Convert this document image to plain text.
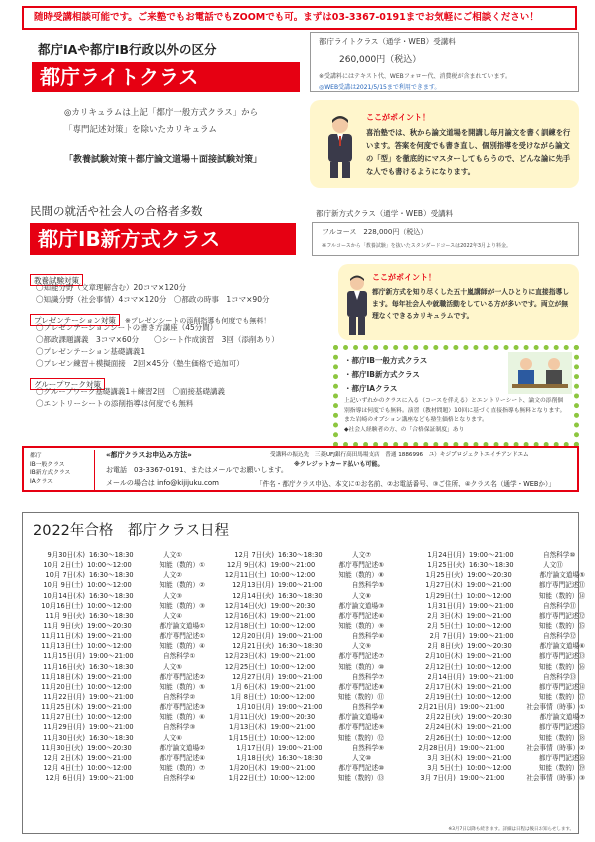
随時受講相談可能です。ご来塾でもお電話でもZOOMでも可。まずは03-3367-0191までお気軽にご相談ください！
都庁ⅠAや都庁ⅠB行政以外の区分
都庁ライトクラス
都庁ライトクラス（通学・WEB）受講料
260,000円（税込）
※受講料にはテキスト代、WEBフォロー代、消費税が含まれています。
◎WEB受講は2021/5/15まで利用できます。
◎カリキュラムは上記「都庁一般方式クラス」から
「専門記述対策」を除いたカリキュラム
「教養試験対策＋都庁論文道場＋面接試験対策」
ここがポイント！
喜治塾では、秋から論文道場を開講し毎月論文を書く訓練を行います。答案を何度でも書き直し、個別指導を受けながら論文の「型」を徹底的にマスターしてもらうので、どんな論に先手な人でも書けるようになります。
民間の就活や社会人の合格者多数
都庁ⅠB新方式クラス
都庁新方式クラス（通学・WEB）受講料
フルコース　228,000円（税込）
※フルコースから「教養試験」を抜いたスタンダードコースは2022年3月より料金。
教養試験対策
〇知能分野（文章理解含む）20コマ×120分
〇知識分野（社会事情）4コマ×120分　〇都政の時事　1コマ×90分
プレゼンテーション対策 ※プレゼンシートの添削指導も何度でも無料！
〇プレゼンテーションシートの書き方講座（45分間）
〇都政課題講義　3コマ×60分　　〇シート作成演習　3回（添削あり）
〇プレゼンテーション基礎講義1
〇プレゼン練習＋模擬面接　2回×45分（塾生価格で追加可）
グループワーク対策
〇グループワーク基礎講義1＋練習2回　〇面接基礎講義
〇エントリーシートの添削指導は何度でも無料
ここがポイント！
都庁新方式を知り尽くした五十嵐講師が一人ひとりに直接指導します。毎年社会人や就職活動をしている方が多いです。両立が無理なくできるカリキュラムです。
・都庁ⅠB一般方式クラス
・都庁ⅠB新方式クラス
・都庁ⅠAクラス
上記いずれかのクラスに入る（コースを伴える）とエントリーシート、論文の添削個
別指導は何度でも無料。演習（教材問題）10回に基づく直接指導も無料となります。
また岩崎のオプション講座なども塾生価格となります。
◆社会人経験者の方、の「合格保証制度」あり
都庁
ⅠB一般クラス
ⅠB新方式クラス
ⅠAクラス
«都庁クラスお申込み方法»	受講料の振込先　三菱UFJ銀行高田馬場支店　普通 1886996　ユ）キジプロジェクトエイチアンドエム
※クレジットカード払いも可能。
お電話　03-3367-0191、またはメールでお願いします。
メールの場合は info@kijijuku.com	「件名・都庁クラス申込、本文に①お名前、②お電話番号、③ご住所、④クラス名（通学・WEBか）」
2022年合格　都庁クラス日程
9月30日(木) 16:30～18:30	人文①
10月 2日(土) 10:00～12:00	知能（数的）①
10月 7日(木) 16:30～18:30	人文②
10月 9日(土) 10:00～12:00	知能（数的）②
10月14日(木) 16:30～18:30	人文③
10月16日(土) 10:00～12:00	知能（数的）③
11月 9日(火) 16:30～18:30	人文④
11月 9日(火) 19:00～20:30	都庁論文道場①
11月11日(木) 19:00～21:00	都庁専門記述①
11月13日(土) 10:00～12:00	知能（数的）④
11月15日(月) 19:00～21:00	自然科学①
11月16日(火) 16:30～18:30	人文⑤
11月18日(木) 19:00～21:00	都庁専門記述②
11月20日(土) 10:00～12:00	知能（数的）⑤
11月22日(月) 19:00～21:00	自然科学②
11月25日(木) 19:00～21:00	都庁専門記述③
11月27日(土) 10:00～12:00	知能（数的）⑥
11月29日(月) 19:00～21:00	自然科学③
11月30日(火) 16:30～18:30	人文⑥
11月30日(火) 19:00～20:30	都庁論文道場②
12月 2日(木) 19:00～21:00	都庁専門記述④
12月 4日(土) 10:00～12:00	知能（数的）⑦
12月 6日(月) 19:00～21:00	自然科学④
12月 7日(火) 16:30～18:30	人文⑦
12月 9日(木) 19:00～21:00	都庁専門記述⑤
12月11日(土) 10:00～12:00	知能（数的）⑧
12月13日(月) 19:00～21:00	自然科学⑤
12月14日(火) 16:30～18:30	人文⑧
12月14日(火) 19:00～20:30	都庁論文道場③
12月16日(木) 19:00～21:00	都庁専門記述⑥
12月18日(土) 10:00～12:00	知能（数的）⑨
12月20日(月) 19:00～21:00	自然科学⑥
12月21日(火) 16:30～18:30	人文⑨
12月23日(木) 19:00～21:00	都庁専門記述⑦
12月25日(土) 10:00～12:00	知能（数的）⑩
12月27日(月) 19:00～21:00	自然科学⑦
1月 6日(木) 19:00～21:00	都庁専門記述⑧
1月 8日(土) 10:00～12:00	知能（数的）⑪
1月10日(月) 19:00～21:00	自然科学⑧
1月11日(火) 19:00～20:30	都庁論文道場④
1月13日(木) 19:00～21:00	都庁専門記述⑨
1月15日(土) 10:00～12:00	知能（数的）⑫
1月17日(月) 19:00～21:00	自然科学⑨
1月18日(火) 16:30～18:30	人文⑩
1月20日(木) 19:00～21:00	都庁専門記述⑩
1月22日(土) 10:00～12:00	知能（数的）⑬
1月24日(月) 19:00～21:00	自然科学⑩
1月25日(火) 16:30～18:30	人文⑪
1月25日(火) 19:00～20:30	都庁論文道場⑤
1月27日(木) 19:00～21:00	都庁専門記述⑪
1月29日(土) 10:00～12:00	知能（数的）⑭
1月31日(月) 19:00～21:00	自然科学⑪
2月 3日(木) 19:00～21:00	都庁専門記述⑫
2月 5日(土) 10:00～12:00	知能（数的）⑮
2月 7日(月) 19:00～21:00	自然科学⑫
2月 8日(火) 19:00～20:30	都庁論文道場⑥
2月10日(木) 19:00～21:00	都庁専門記述⑬
2月12日(土) 10:00～12:00	知能（数的）⑯
2月14日(月) 19:00～21:00	自然科学⑬
2月17日(木) 19:00～21:00	都庁専門記述⑭
2月19日(土) 10:00～12:00	知能（数的）⑰
2月21日(月) 19:00～21:00	社会事情（時事）①
2月22日(火) 19:00～20:30	都庁論文道場⑦
2月24日(木) 19:00～21:00	都庁専門記述⑮
2月26日(土) 10:00～12:00	知能（数的）⑱
2月28日(月) 19:00～21:00	社会事情（時事）②
3月 3日(木) 19:00～21:00	都庁専門記述⑯
3月 5日(土) 10:00～12:00	知能（数的）⑲
3月 7日(月) 19:00～21:00	社会事情（時事）③
※3月7日以降も続きます。詳細は日程は後日お知らせします。
